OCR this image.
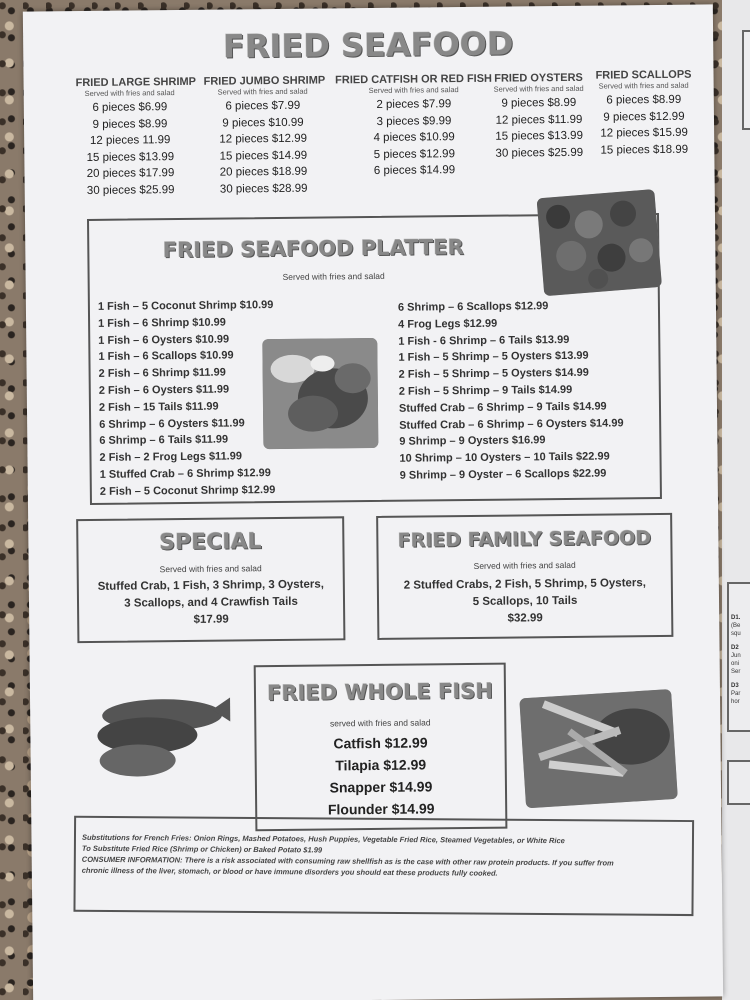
D1.
(Be
squ
D2
Jun
oni
Ser
D3
Par
hor
FRIED SEAFOOD
FRIED LARGE SHRIMP
Served with fries and salad
6 pieces $6.99
9 pieces $8.99
12 pieces 11.99
15 pieces $13.99
20 pieces $17.99
30 pieces $25.99
FRIED JUMBO SHRIMP
Served with fries and salad
6 pieces $7.99
9 pieces $10.99
12 pieces $12.99
15 pieces $14.99
20 pieces $18.99
30 pieces $28.99
FRIED CATFISH OR RED FISH
Served with fries and salad
2 pieces $7.99
3 pieces $9.99
4 pieces $10.99
5 pieces $12.99
6 pieces $14.99
FRIED OYSTERS
Served with fries and salad
9 pieces $8.99
12 pieces $11.99
15 pieces $13.99
30 pieces $25.99
FRIED SCALLOPS
Served with fries and salad
6 pieces $8.99
9 pieces $12.99
12 pieces $15.99
15 pieces $18.99
FRIED SEAFOOD PLATTER
Served with fries and salad
1 Fish – 5 Coconut Shrimp $10.99
1 Fish – 6 Shrimp $10.99
1 Fish – 6 Oysters $10.99
1 Fish – 6 Scallops $10.99
2 Fish – 6 Shrimp $11.99
2 Fish – 6 Oysters $11.99
2 Fish – 15 Tails $11.99
6 Shrimp – 6 Oysters $11.99
6 Shrimp – 6 Tails $11.99
2 Fish – 2 Frog Legs $11.99
1 Stuffed Crab – 6 Shrimp $12.99
2 Fish – 5 Coconut Shrimp $12.99
6 Shrimp – 6 Scallops $12.99
4 Frog Legs $12.99
1 Fish - 6 Shrimp – 6 Tails $13.99
1 Fish – 5 Shrimp – 5 Oysters $13.99
2 Fish – 5 Shrimp – 5 Oysters $14.99
2 Fish – 5 Shrimp – 9 Tails $14.99
Stuffed Crab – 6 Shrimp – 9 Tails $14.99
Stuffed Crab – 6 Shrimp – 6 Oysters $14.99
9 Shrimp – 9 Oysters $16.99
10 Shrimp – 10 Oysters – 10 Tails $22.99
9 Shrimp – 9 Oyster – 6 Scallops $22.99
SPECIAL
Served with fries and salad
Stuffed Crab, 1 Fish, 3 Shrimp, 3 Oysters,
3 Scallops, and 4 Crawfish Tails
$17.99
FRIED FAMILY SEAFOOD
Served with fries and salad
2 Stuffed Crabs, 2 Fish, 5 Shrimp, 5 Oysters,
5 Scallops, 10 Tails
$32.99
FRIED WHOLE FISH
served with fries and salad
Catfish $12.99
Tilapia $12.99
Snapper $14.99
Flounder $14.99
Substitutions for French Fries: Onion Rings, Mashed Potatoes, Hush Puppies, Vegetable Fried Rice, Steamed Vegetables, or White Rice
To Substitute Fried Rice (Shrimp or Chicken) or Baked Potato $1.99
CONSUMER INFORMATION: There is a risk associated with consuming raw shellfish as is the case with other raw protein products. If you suffer from
chronic illness of the liver, stomach, or blood or have immune disorders you should eat these products fully cooked.
